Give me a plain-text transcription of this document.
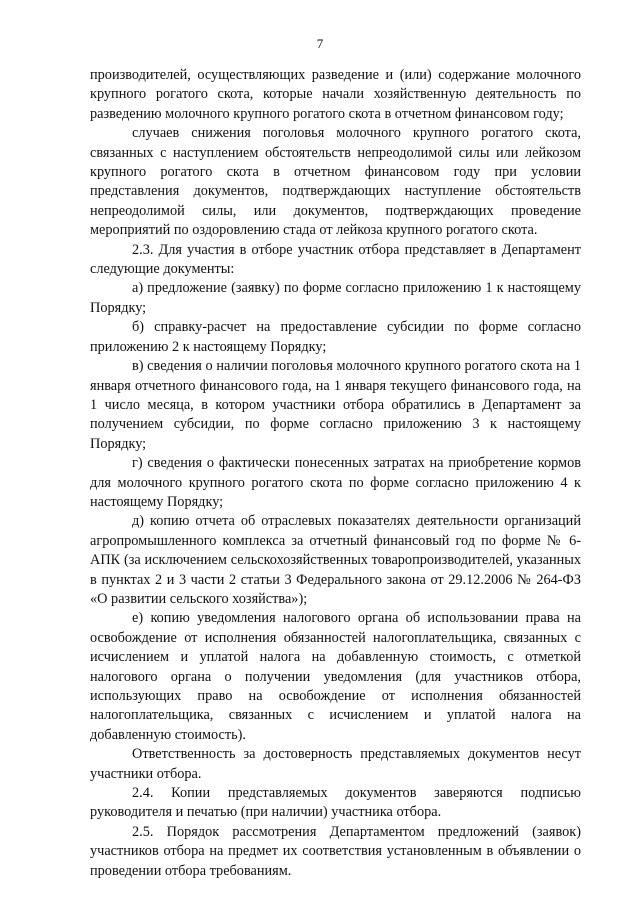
7

производителей, осуществляющих разведение и (или) содержание молочного крупного рогатого скота, которые начали хозяйственную деятельность по разведению молочного крупного рогатого скота в отчетном финансовом году;

случаев снижения поголовья молочного крупного рогатого скота, связанных с наступлением обстоятельств непреодолимой силы или лейкозом крупного рогатого скота в отчетном финансовом году при условии представления документов, подтверждающих наступление обстоятельств непреодолимой силы, или документов, подтверждающих проведение мероприятий по оздоровлению стада от лейкоза крупного рогатого скота.

2.3. Для участия в отборе участник отбора представляет в Департамент следующие документы:

а) предложение (заявку) по форме согласно приложению 1 к настоящему Порядку;

б) справку-расчет на предоставление субсидии по форме согласно приложению 2 к настоящему Порядку;

в) сведения о наличии поголовья молочного крупного рогатого скота на 1 января отчетного финансового года, на 1 января текущего финансового года, на 1 число месяца, в котором участники отбора обратились в Департамент за получением субсидии, по форме согласно приложению 3 к настоящему Порядку;

г) сведения о фактически понесенных затратах на приобретение кормов для молочного крупного рогатого скота по форме согласно приложению 4 к настоящему Порядку;

д) копию отчета об отраслевых показателях деятельности организаций агропромышленного комплекса за отчетный финансовый год по форме № 6-АПК (за исключением сельскохозяйственных товаропроизводителей, указанных в пунктах 2 и 3 части 2 статьи 3 Федерального закона от 29.12.2006 № 264-ФЗ «О развитии сельского хозяйства»);

е) копию уведомления налогового органа об использовании права на освобождение от исполнения обязанностей налогоплательщика, связанных с исчислением и уплатой налога на добавленную стоимость, с отметкой налогового органа о получении уведомления (для участников отбора, использующих право на освобождение от исполнения обязанностей налогоплательщика, связанных с исчислением и уплатой налога на добавленную стоимость).

Ответственность за достоверность представляемых документов несут участники отбора.

2.4. Копии представляемых документов заверяются подписью руководителя и печатью (при наличии) участника отбора.

2.5. Порядок рассмотрения Департаментом предложений (заявок) участников отбора на предмет их соответствия установленным в объявлении о проведении отбора требованиям.
